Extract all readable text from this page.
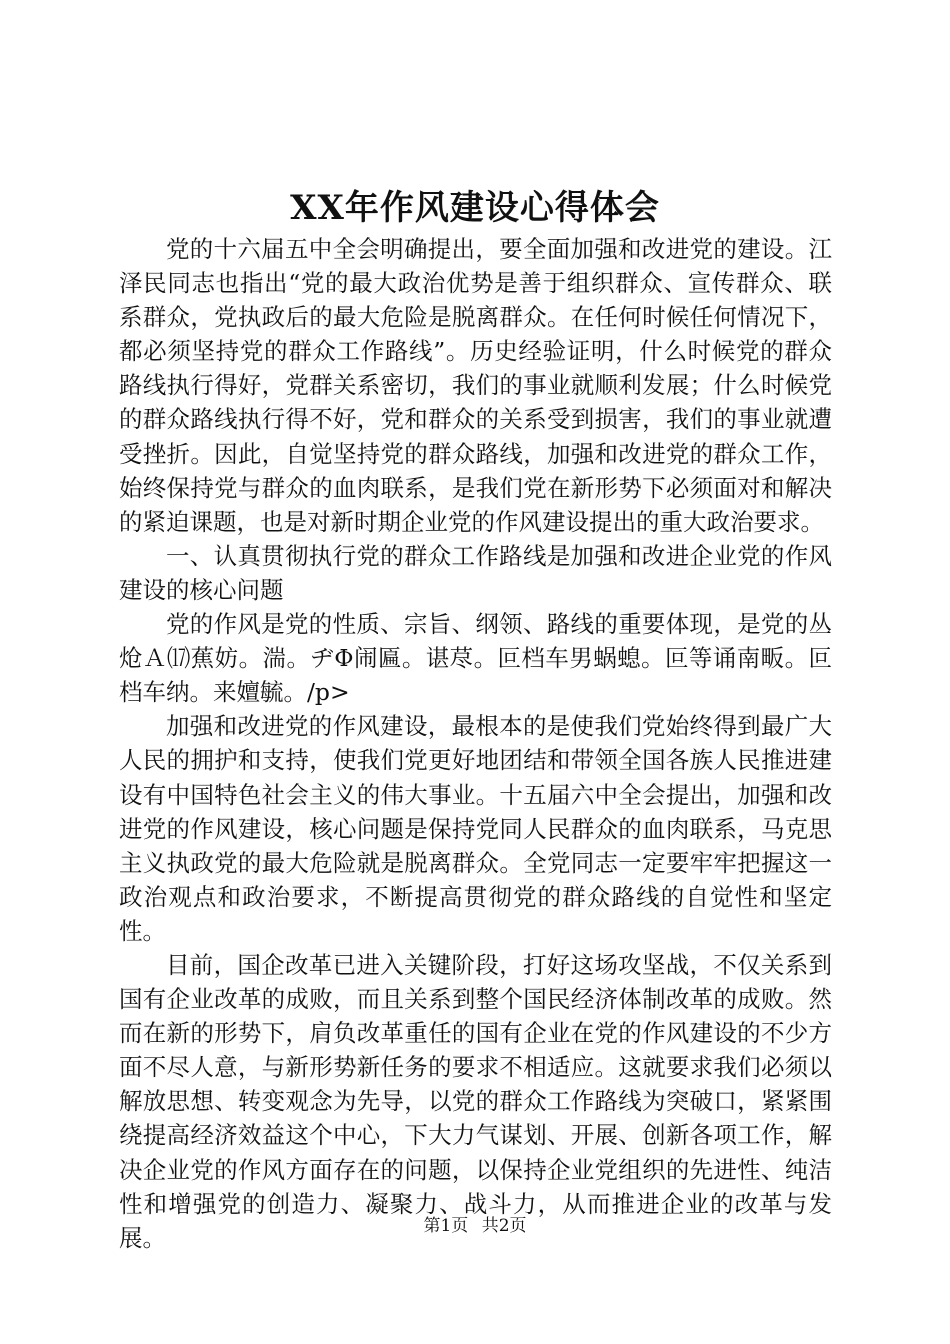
XX年作风建设心得体会

党的十六届五中全会明确提出，要全面加强和改进党的建设。江泽民同志也指出“党的最大政治优势是善于组织群众、宣传群众、联系群众，党执政后的最大危险是脱离群众。在任何时候任何情况下，都必须坚持党的群众工作路线”。历史经验证明，什么时候党的群众路线执行得好，党群关系密切，我们的事业就顺利发展；什么时候党的群众路线执行得不好，党和群众的关系受到损害，我们的事业就遭受挫折。因此，自觉坚持党的群众路线，加强和改进党的群众工作，始终保持党与群众的血肉联系，是我们党在新形势下必须面对和解决的紧迫课题，也是对新时期企业党的作风建设提出的重大政治要求。

一、认真贯彻执行党的群众工作路线是加强和改进企业党的作风建设的核心问题

党的作风是党的性质、宗旨、纲领、路线的重要体现，是党的丛炝Ａ⒄蕉妨。湍。ヂΦ闹匾。谌荩。叵档车男蜗螅。叵等诵南畈。叵档车纳。来嬗毓。/p>

加强和改进党的作风建设，最根本的是使我们党始终得到最广大人民的拥护和支持，使我们党更好地团结和带领全国各族人民推进建设有中国特色社会主义的伟大事业。十五届六中全会提出，加强和改进党的作风建设，核心问题是保持党同人民群众的血肉联系，马克思主义执政党的最大危险就是脱离群众。全党同志一定要牢牢把握这一政治观点和政治要求，不断提高贯彻党的群众路线的自觉性和坚定性。

目前，国企改革已进入关键阶段，打好这场攻坚战，不仅关系到国有企业改革的成败，而且关系到整个国民经济体制改革的成败。然而在新的形势下，肩负改革重任的国有企业在党的作风建设的不少方面不尽人意，与新形势新任务的要求不相适应。这就要求我们必须以解放思想、转变观念为先导，以党的群众工作路线为突破口，紧紧围绕提高经济效益这个中心，下大力气谋划、开展、创新各项工作，解决企业党的作风方面存在的问题，以保持企业党组织的先进性、纯洁性和增强党的创造力、凝聚力、战斗力，从而推进企业的改革与发展。	第1页 共2页
